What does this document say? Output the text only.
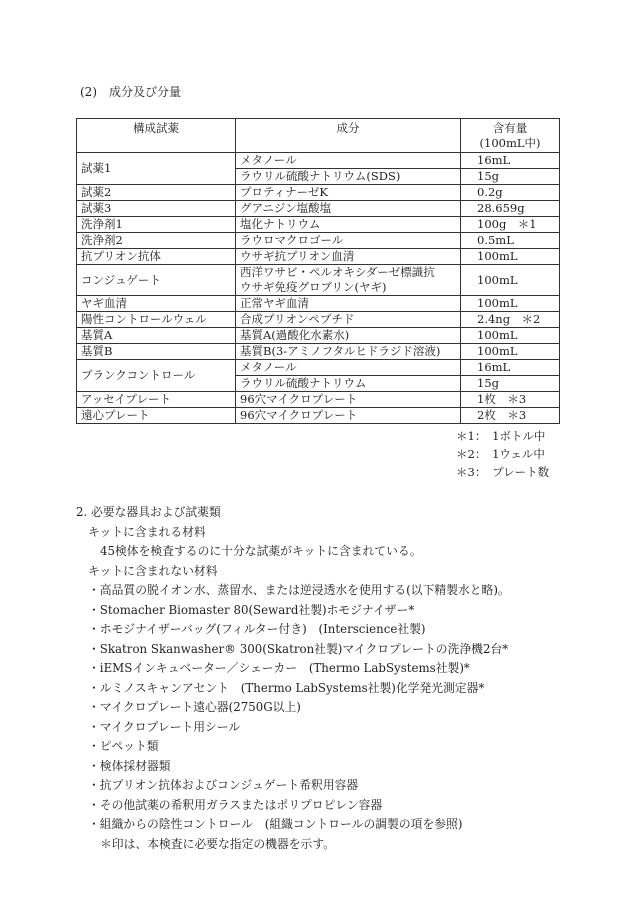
(2)　成分及び分量
構成試薬	成分	含有量
(100mL中)
試薬1	メタノール	16mL
	ラウリル硫酸ナトリウム(SDS)	15g
試薬2	プロティナーゼK	0.2g
試薬3	グアニジン塩酸塩	28.659g
洗浄剤1	塩化ナトリウム	100g　＊1
洗浄剤2	ラウロマクロゴール	0.5mL
抗プリオン抗体	ウサギ抗プリオン血清	100mL
コンジュゲート	西洋ワサビ・ペルオキシダーゼ標識抗
ウサギ免疫グロブリン(ヤギ)	100mL
ヤギ血清	正常ヤギ血清	100mL
陽性コントロールウェル	合成プリオンペプチド	2.4ng　＊2
基質A	基質A(過酸化水素水)	100mL
基質B	基質B(3-アミノフタルヒドラジド溶液)	100mL
ブランクコントロール	メタノール	16mL
	ラウリル硫酸ナトリウム	15g
アッセイプレート	96穴マイクロプレート	1枚　＊3
遠心プレート	96穴マイクロプレート	2枚　＊3
＊1：　1ボトル中
＊2：　1ウェル中
＊3：　プレート数
2. 必要な器具および試薬類
キットに含まれる材料
45検体を検査するのに十分な試薬がキットに含まれている。
キットに含まれない材料
・高品質の脱イオン水、蒸留水、または逆浸透水を使用する(以下精製水と略)。
・Stomacher Biomaster 80(Seward社製)ホモジナイザー*
・ホモジナイザーバッグ(フィルター付き)　(Interscience社製)
・Skatron Skanwasher® 300(Skatron社製)マイクロプレートの洗浄機2台*
・iEMSインキュベーター／シェーカー　(Thermo LabSystems社製)*
・ルミノスキャンアセント　(Thermo LabSystems社製)化学発光測定器*
・マイクロプレート遠心器(2750G以上)
・マイクロプレート用シール
・ピペット類
・検体採材器類
・抗プリオン抗体およびコンジュゲート希釈用容器
・その他試薬の希釈用ガラスまたはポリプロピレン容器
・組織からの陰性コントロール　(組織コントロールの調製の項を参照)
＊印は、本検査に必要な指定の機器を示す。
